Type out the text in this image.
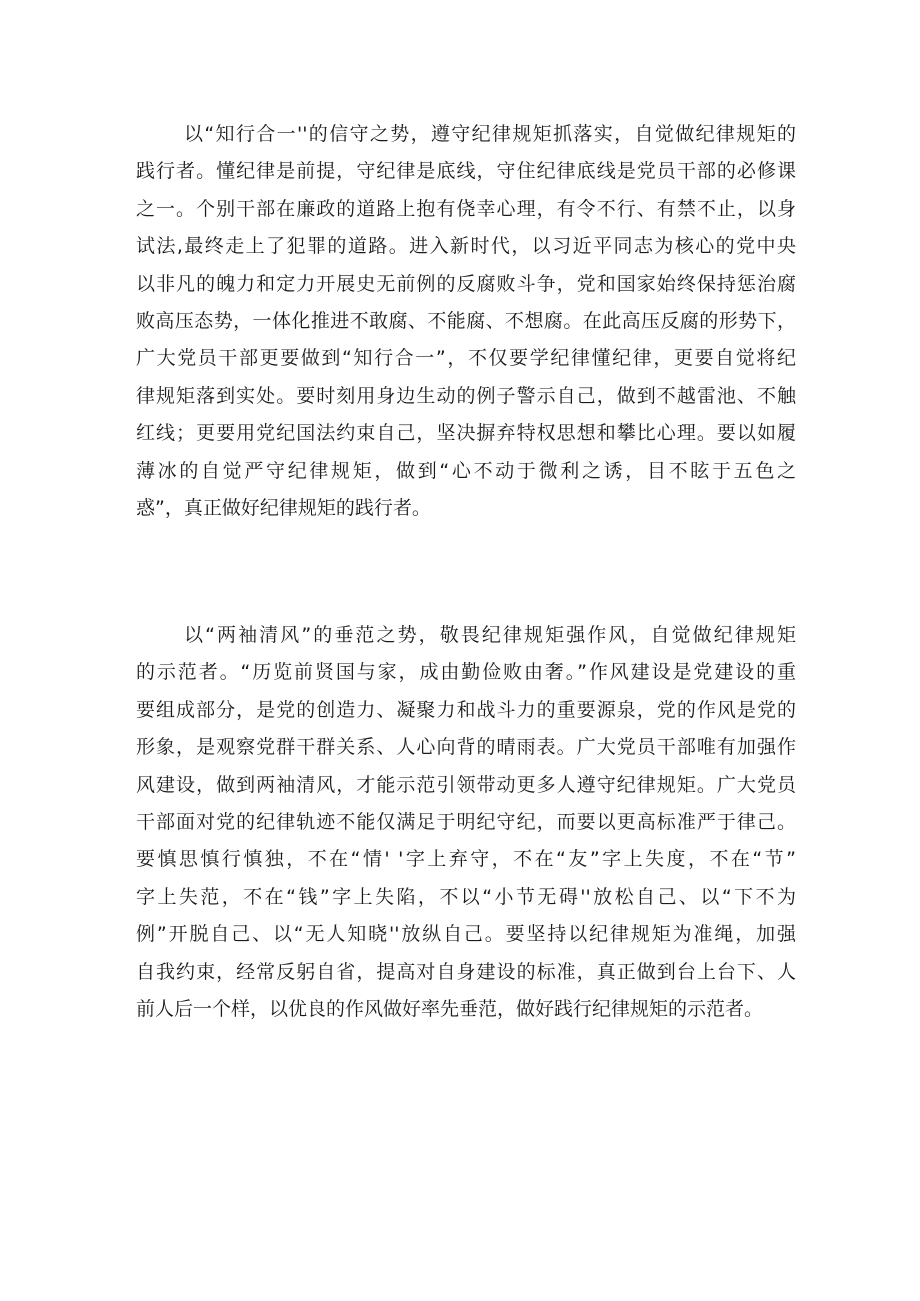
以“知行合一''的信守之势，遵守纪律规矩抓落实，自觉做纪律规矩的
践行者。懂纪律是前提，守纪律是底线，守住纪律底线是党员干部的必修课
之一。个别干部在廉政的道路上抱有侥幸心理，有令不行、有禁不止，以身
试法,最终走上了犯罪的道路。进入新时代，以习近平同志为核心的党中央
以非凡的魄力和定力开展史无前例的反腐败斗争，党和国家始终保持惩治腐
败高压态势，一体化推进不敢腐、不能腐、不想腐。在此高压反腐的形势下，
广大党员干部更要做到“知行合一”，不仅要学纪律懂纪律，更要自觉将纪
律规矩落到实处。要时刻用身边生动的例子警示自己，做到不越雷池、不触
红线；更要用党纪国法约束自己，坚决摒弃特权思想和攀比心理。要以如履
薄冰的自觉严守纪律规矩，做到“心不动于微利之诱，目不眩于五色之
惑”，真正做好纪律规矩的践行者。
以“两袖清风”的垂范之势，敬畏纪律规矩强作风，自觉做纪律规矩
的示范者。“历览前贤国与家，成由勤俭败由奢。”作风建设是党建设的重
要组成部分，是党的创造力、凝聚力和战斗力的重要源泉，党的作风是党的
形象，是观察党群干群关系、人心向背的晴雨表。广大党员干部唯有加强作
风建设，做到两袖清风，才能示范引领带动更多人遵守纪律规矩。广大党员
干部面对党的纪律轨迹不能仅满足于明纪守纪，而要以更高标准严于律己。
要慎思慎行慎独，不在“情' '字上弃守，不在“友”字上失度，不在“节”
字上失范，不在“钱”字上失陷，不以“小节无碍''放松自己、以“下不为
例”开脱自己、以“无人知晓''放纵自己。要坚持以纪律规矩为准绳，加强
自我约束，经常反躬自省，提高对自身建设的标准，真正做到台上台下、人
前人后一个样，以优良的作风做好率先垂范，做好践行纪律规矩的示范者。
